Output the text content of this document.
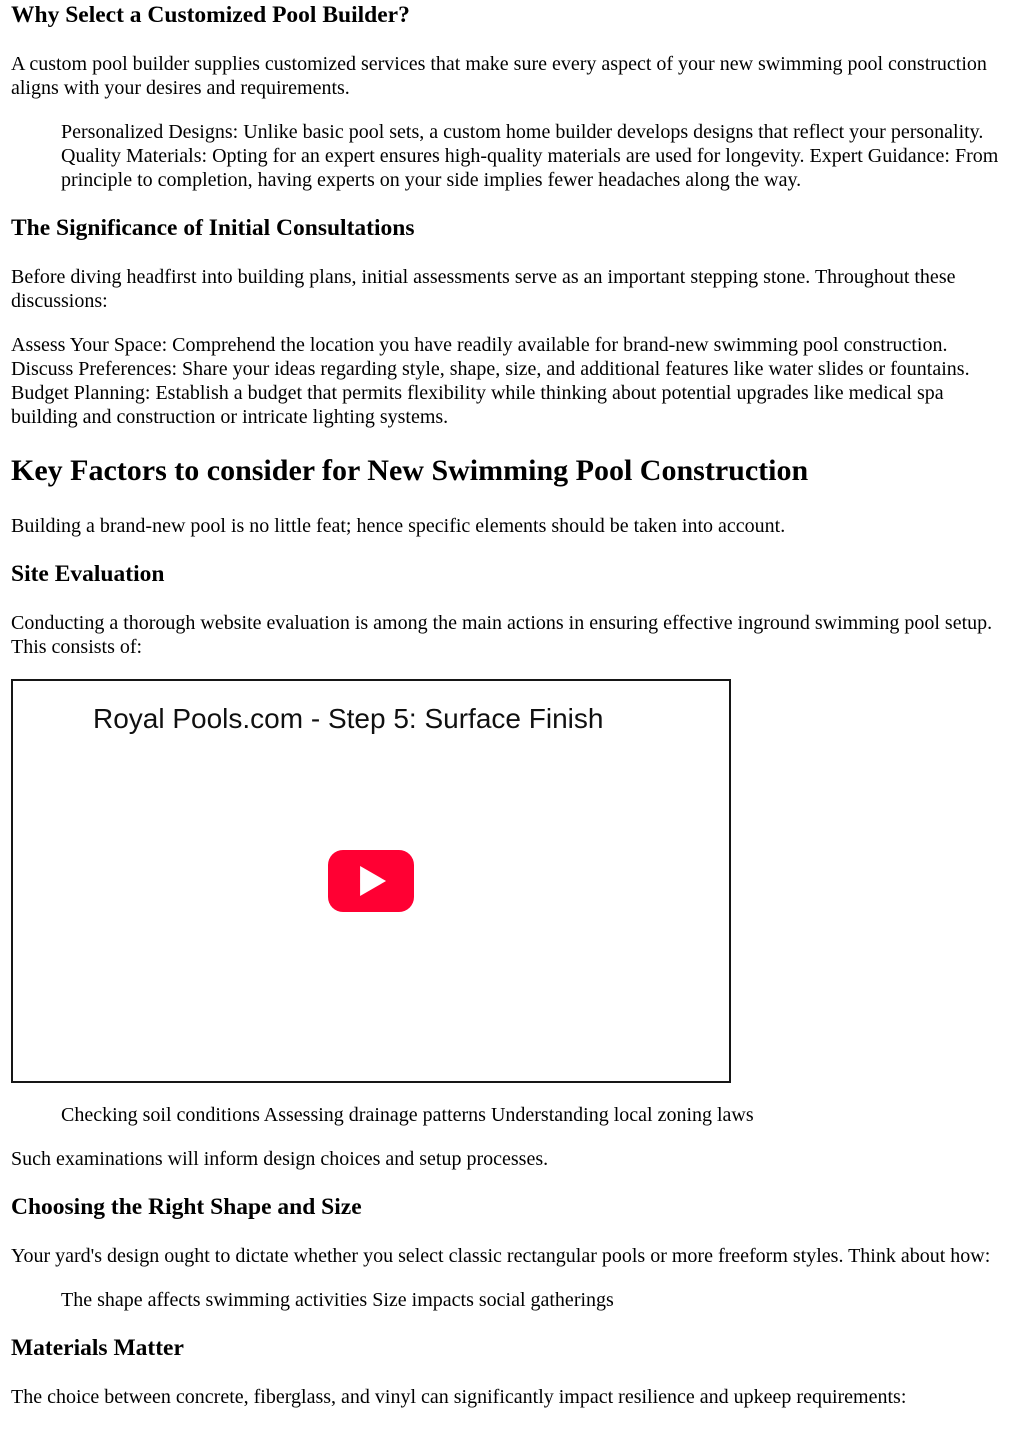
Why Select a Customized Pool Builder?

A custom pool builder supplies customized services that make sure every aspect of your new swimming pool construction aligns with your desires and requirements.

Personalized Designs: Unlike basic pool sets, a custom home builder develops designs that reflect your personality. Quality Materials: Opting for an expert ensures high-quality materials are used for longevity. Expert Guidance: From principle to completion, having experts on your side implies fewer headaches along the way.
The Significance of Initial Consultations

Before diving headfirst into building plans, initial assessments serve as an important stepping stone. Throughout these discussions:

Assess Your Space: Comprehend the location you have readily available for brand-new swimming pool construction. Discuss Preferences: Share your ideas regarding style, shape, size, and additional features like water slides or fountains. Budget Planning: Establish a budget that permits flexibility while thinking about potential upgrades like medical spa building and construction or intricate lighting systems.

Key Factors to consider for New Swimming Pool Construction

Building a brand-new pool is no little feat; hence specific elements should be taken into account.

Site Evaluation

Conducting a thorough website evaluation is among the main actions in ensuring effective inground swimming pool setup. This consists of:

Royal Pools.com - Step 5: Surface Finish
Checking soil conditions Assessing drainage patterns Understanding local zoning laws

Such examinations will inform design choices and setup processes.

Choosing the Right Shape and Size

Your yard's design ought to dictate whether you select classic rectangular pools or more freeform styles. Think about how:

The shape affects swimming activities Size impacts social gatherings
Materials Matter

The choice between concrete, fiberglass, and vinyl can significantly impact resilience and upkeep requirements:
